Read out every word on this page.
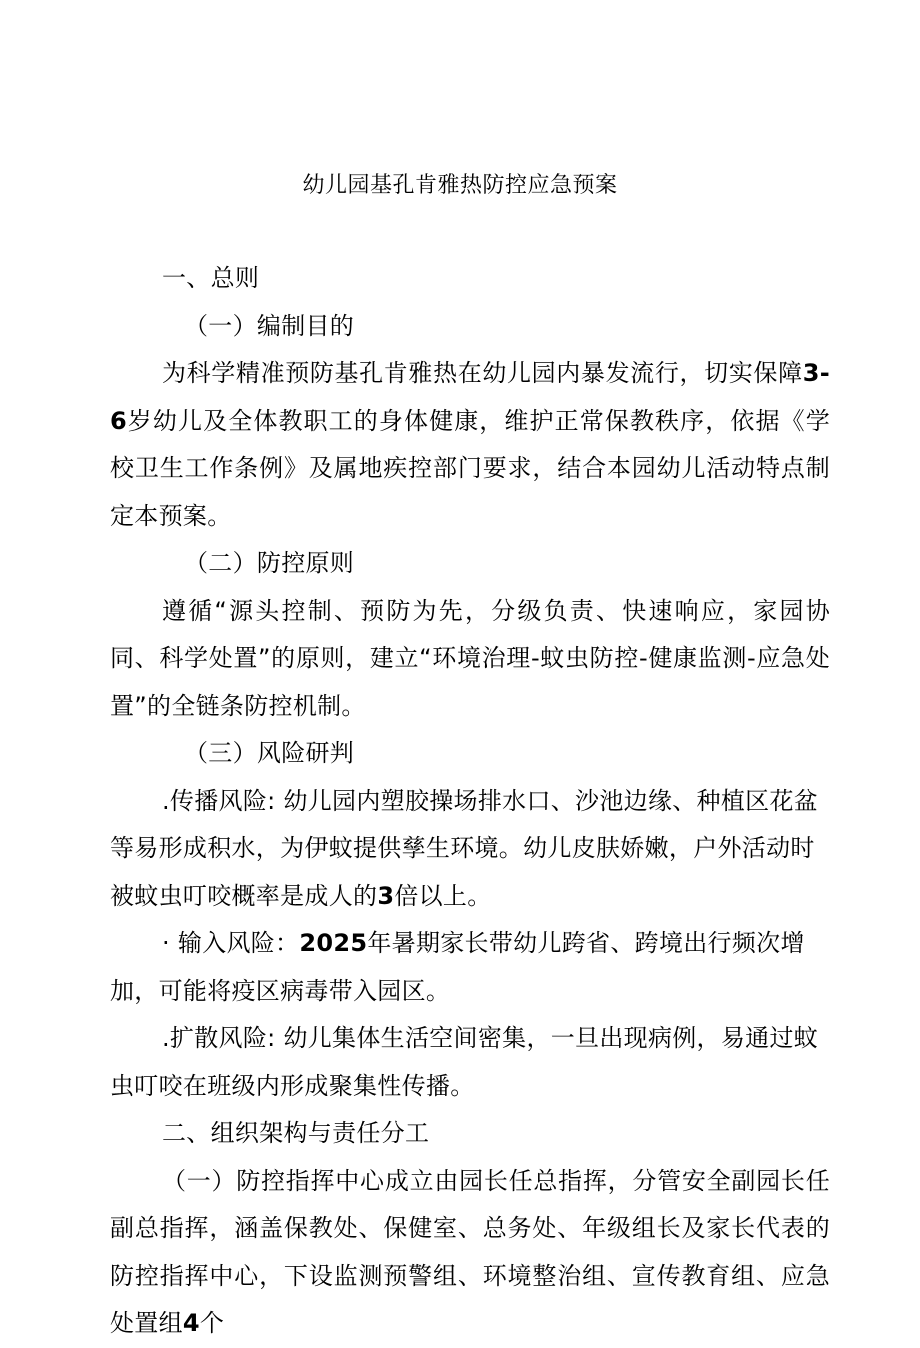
幼儿园基孔肯雅热防控应急预案

一、总则

（一）编制目的

为科学精准预防基孔肯雅热在幼儿园内暴发流行，切实保障3-6岁幼儿及全体教职工的身体健康，维护正常保教秩序，依据《学校卫生工作条例》及属地疾控部门要求，结合本园幼儿活动特点制定本预案。

（二）防控原则

遵循“源头控制、预防为先，分级负责、快速响应，家园协同、科学处置”的原则，建立“环境治理-蚊虫防控-健康监测-应急处置”的全链条防控机制。

（三）风险研判

.传播风险: 幼儿园内塑胶操场排水口、沙池边缘、种植区花盆等易形成积水，为伊蚊提供孳生环境。幼儿皮肤娇嫩，户外活动时被蚊虫叮咬概率是成人的3倍以上。

· 输入风险：2025年暑期家长带幼儿跨省、跨境出行频次增加，可能将疫区病毒带入园区。

.扩散风险: 幼儿集体生活空间密集，一旦出现病例，易通过蚊虫叮咬在班级内形成聚集性传播。

二、组织架构与责任分工

（一）防控指挥中心成立由园长任总指挥，分管安全副园长任副总指挥，涵盖保教处、保健室、总务处、年级组长及家长代表的防控指挥中心，下设监测预警组、环境整治组、宣传教育组、应急处置组4个
